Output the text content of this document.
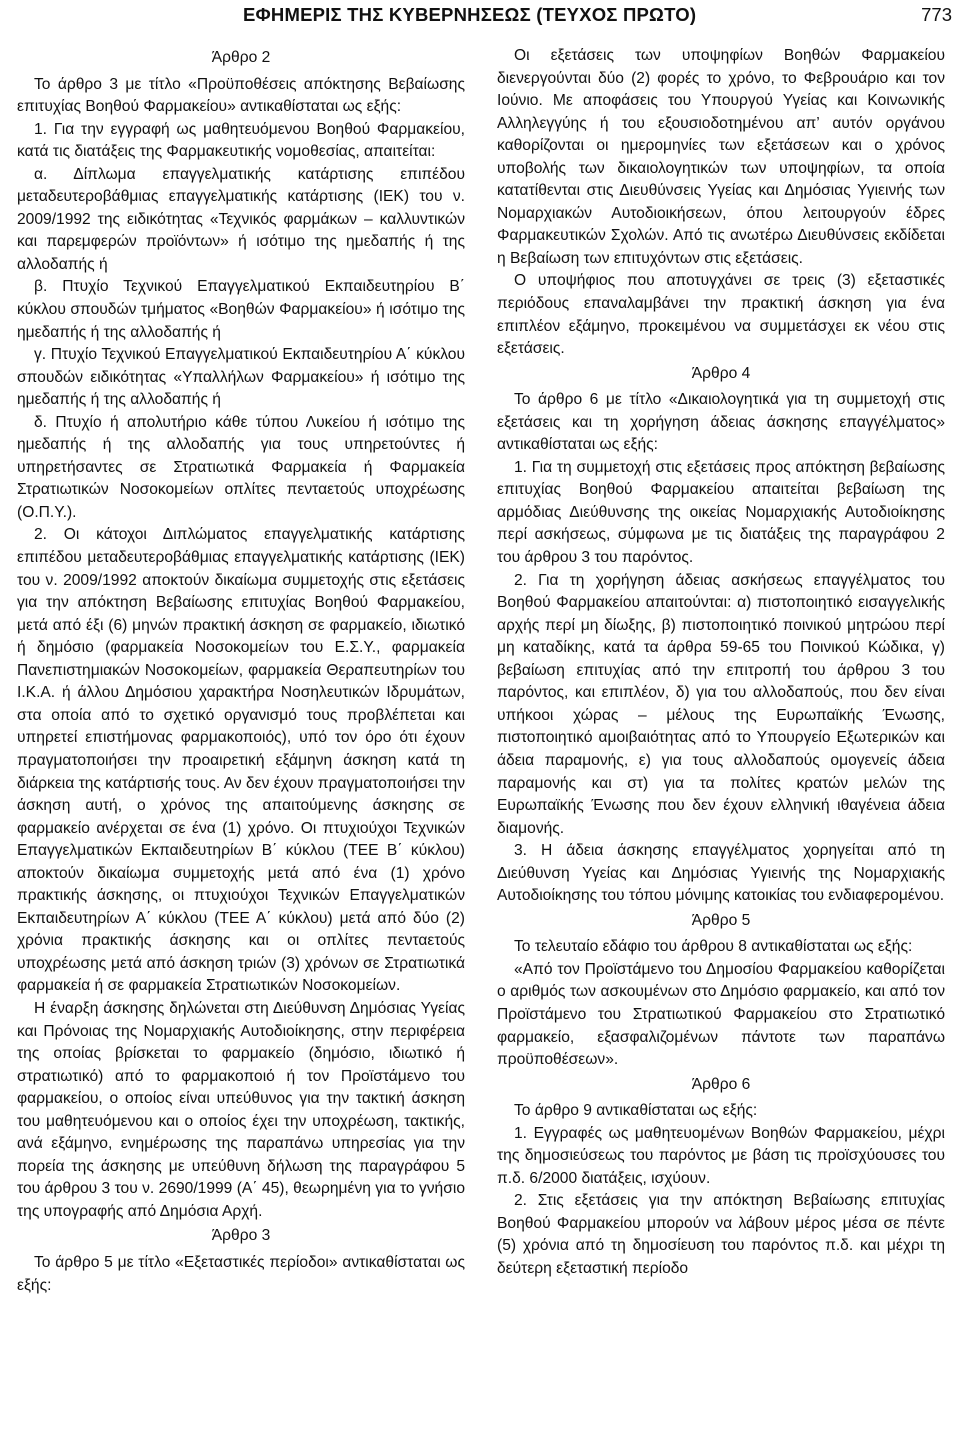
ΕΦΗΜΕΡΙΣ ΤΗΣ ΚΥΒΕΡΝΗΣΕΩΣ (ΤΕΥΧΟΣ ΠΡΩΤΟ)	773

Άρθρο 2

Το άρθρο 3 με τίτλο «Προϋποθέσεις απόκτησης Βεβαίωσης επιτυχίας Βοηθού Φαρμακείου» αντικαθίσταται ως εξής:

1. Για την εγγραφή ως μαθητευόμενου Βοηθού Φαρμακείου, κατά τις διατάξεις της Φαρμακευτικής νομοθεσίας, απαιτείται:

α. Δίπλωμα επαγγελματικής κατάρτισης επιπέδου μεταδευτεροβάθμιας επαγγελματικής κατάρτισης (ΙΕΚ) του ν. 2009/1992 της ειδικότητας «Τεχνικός φαρμάκων – καλλυντικών και παρεμφερών προϊόντων» ή ισότιμο της ημεδαπής ή της αλλοδαπής ή

β. Πτυχίο Τεχνικού Επαγγελματικού Εκπαιδευτηρίου Β΄ κύκλου σπουδών τμήματος «Βοηθών Φαρμακείου» ή ισότιμο της ημεδαπής ή της αλλοδαπής ή

γ. Πτυχίο Τεχνικού Επαγγελματικού Εκπαιδευτηρίου Α΄ κύκλου σπουδών ειδικότητας «Υπαλλήλων Φαρμακείου» ή ισότιμο της ημεδαπής ή της αλλοδαπής ή

δ. Πτυχίο ή απολυτήριο κάθε τύπου Λυκείου ή ισότιμο της ημεδαπής ή της αλλοδαπής για τους υπηρετούντες ή υπηρετήσαντες σε Στρατιωτικά Φαρμακεία ή Φαρμακεία Στρατιωτικών Νοσοκομείων οπλίτες πενταετούς υποχρέωσης (Ο.Π.Υ.).

2. Οι κάτοχοι Διπλώματος επαγγελματικής κατάρτισης επιπέδου μεταδευτεροβάθμιας επαγγελματικής κατάρτισης (ΙΕΚ) του ν. 2009/1992 αποκτούν δικαίωμα συμμετοχής στις εξετάσεις για την απόκτηση Βεβαίωσης επιτυχίας Βοηθού Φαρμακείου, μετά από έξι (6) μηνών πρακτική άσκηση σε φαρμακείο, ιδιωτικό ή δημόσιο (φαρμακεία Νοσοκομείων του Ε.Σ.Υ., φαρμακεία Πανεπιστημιακών Νοσοκομείων, φαρμακεία Θεραπευτηρίων του Ι.Κ.Α. ή άλλου Δημόσιου χαρακτήρα Νοσηλευτικών Ιδρυμάτων, στα οποία από το σχετικό οργανισμό τους προβλέπεται και υπηρετεί επιστήμονας φαρμακοποιός), υπό τον όρο ότι έχουν πραγματοποιήσει την προαιρετική εξάμηνη άσκηση κατά τη διάρκεια της κατάρτισής τους. Αν δεν έχουν πραγματοποιήσει την άσκηση αυτή, ο χρόνος της απαιτούμενης άσκησης σε φαρμακείο ανέρχεται σε ένα (1) χρόνο. Οι πτυχιούχοι Τεχνικών Επαγγελματικών Εκπαιδευτηρίων Β΄ κύκλου (ΤΕΕ Β΄ κύκλου) αποκτούν δικαίωμα συμμετοχής μετά από ένα (1) χρόνο πρακτικής άσκησης, οι πτυχιούχοι Τεχνικών Επαγγελματικών Εκπαιδευτηρίων Α΄ κύκλου (ΤΕΕ Α΄ κύκλου) μετά από δύο (2) χρόνια πρακτικής άσκησης και οι οπλίτες πενταετούς υποχρέωσης μετά από άσκηση τριών (3) χρόνων σε Στρατιωτικά φαρμακεία ή σε φαρμακεία Στρατιωτικών Νοσοκομείων.

Η έναρξη άσκησης δηλώνεται στη Διεύθυνση Δημόσιας Υγείας και Πρόνοιας της Νομαρχιακής Αυτοδιοίκησης, στην περιφέρεια της οποίας βρίσκεται το φαρμακείο (δημόσιο, ιδιωτικό ή στρατιωτικό) από το φαρμακοποιό ή τον Προϊστάμενο του φαρμακείου, ο οποίος είναι υπεύθυνος για την τακτική άσκηση του μαθητευόμενου και ο οποίος έχει την υποχρέωση, τακτικής, ανά εξάμηνο, ενημέρωσης της παραπάνω υπηρεσίας για την πορεία της άσκησης με υπεύθυνη δήλωση της παραγράφου 5 του άρθρου 3 του ν. 2690/1999 (Α΄ 45), θεωρημένη για το γνήσιο της υπογραφής από Δημόσια Αρχή.

Άρθρο 3

Το άρθρο 5 με τίτλο «Εξεταστικές περίοδοι» αντικαθίσταται ως εξής:

Οι εξετάσεις των υποψηφίων Βοηθών Φαρμακείου διενεργούνται δύο (2) φορές το χρόνο, το Φεβρουάριο και τον Ιούνιο. Με αποφάσεις του Υπουργού Υγείας και Κοινωνικής Αλληλεγγύης ή του εξουσιοδοτημένου απ’ αυτόν οργάνου καθορίζονται οι ημερομηνίες των εξετάσεων και ο χρόνος υποβολής των δικαιολογητικών των υποψηφίων, τα οποία κατατίθενται στις Διευθύνσεις Υγείας και Δημόσιας Υγιεινής των Νομαρχιακών Αυτοδιοικήσεων, όπου λειτουργούν έδρες Φαρμακευτικών Σχολών. Από τις ανωτέρω Διευθύνσεις εκδίδεται η Βεβαίωση των επιτυχόντων στις εξετάσεις.

Ο υποψήφιος που αποτυγχάνει σε τρεις (3) εξεταστικές περιόδους επαναλαμβάνει την πρακτική άσκηση για ένα επιπλέον εξάμηνο, προκειμένου να συμμετάσχει εκ νέου στις εξετάσεις.

Άρθρο 4

Το άρθρο 6 με τίτλο «Δικαιολογητικά για τη συμμετοχή στις εξετάσεις και τη χορήγηση άδειας άσκησης επαγγέλματος» αντικαθίσταται ως εξής:

1. Για τη συμμετοχή στις εξετάσεις προς απόκτηση βεβαίωσης επιτυχίας Βοηθού Φαρμακείου απαιτείται βεβαίωση της αρμόδιας Διεύθυνσης της οικείας Νομαρχιακής Αυτοδιοίκησης περί ασκήσεως, σύμφωνα με τις διατάξεις της παραγράφου 2 του άρθρου 3 του παρόντος.

2. Για τη χορήγηση άδειας ασκήσεως επαγγέλματος του Βοηθού Φαρμακείου απαιτούνται: α) πιστοποιητικό εισαγγελικής αρχής περί μη δίωξης, β) πιστοποιητικό ποινικού μητρώου περί μη καταδίκης, κατά τα άρθρα 59-65 του Ποινικού Κώδικα, γ) βεβαίωση επιτυχίας από την επιτροπή του άρθρου 3 του παρόντος, και επιπλέον, δ) για του αλλοδαπούς, που δεν είναι υπήκοοι χώρας – μέλους της Ευρωπαϊκής Ένωσης, πιστοποιητικό αμοιβαιότητας από το Υπουργείο Εξωτερικών και άδεια παραμονής, ε) για τους αλλοδαπούς ομογενείς άδεια παραμονής και στ) για τα πολίτες κρατών μελών της Ευρωπαϊκής Ένωσης που δεν έχουν ελληνική ιθαγένεια άδεια διαμονής.

3. Η άδεια άσκησης επαγγέλματος χορηγείται από τη Διεύθυνση Υγείας και Δημόσιας Υγιεινής της Νομαρχιακής Αυτοδιοίκησης του τόπου μόνιμης κατοικίας του ενδιαφερομένου.

Άρθρο 5

Το τελευταίο εδάφιο του άρθρου 8 αντικαθίσταται ως εξής:

«Από τον Προϊστάμενο του Δημοσίου Φαρμακείου καθορίζεται ο αριθμός των ασκουμένων στο Δημόσιο φαρμακείο, και από τον Προϊστάμενο του Στρατιωτικού Φαρμακείου στο Στρατιωτικό φαρμακείο, εξασφαλιζομένων πάντοτε των παραπάνω προϋποθέσεων».

Άρθρο 6

Το άρθρο 9 αντικαθίσταται ως εξής:

1. Εγγραφές ως μαθητευομένων Βοηθών Φαρμακείου, μέχρι της δημοσιεύσεως του παρόντος με βάση τις προϊσχύουσες του π.δ. 6/2000 διατάξεις, ισχύουν.

2. Στις εξετάσεις για την απόκτηση Βεβαίωσης επιτυχίας Βοηθού Φαρμακείου μπορούν να λάβουν μέρος μέσα σε πέντε (5) χρόνια από τη δημοσίευση του παρόντος π.δ. και μέχρι τη δεύτερη εξεταστική περίοδο
